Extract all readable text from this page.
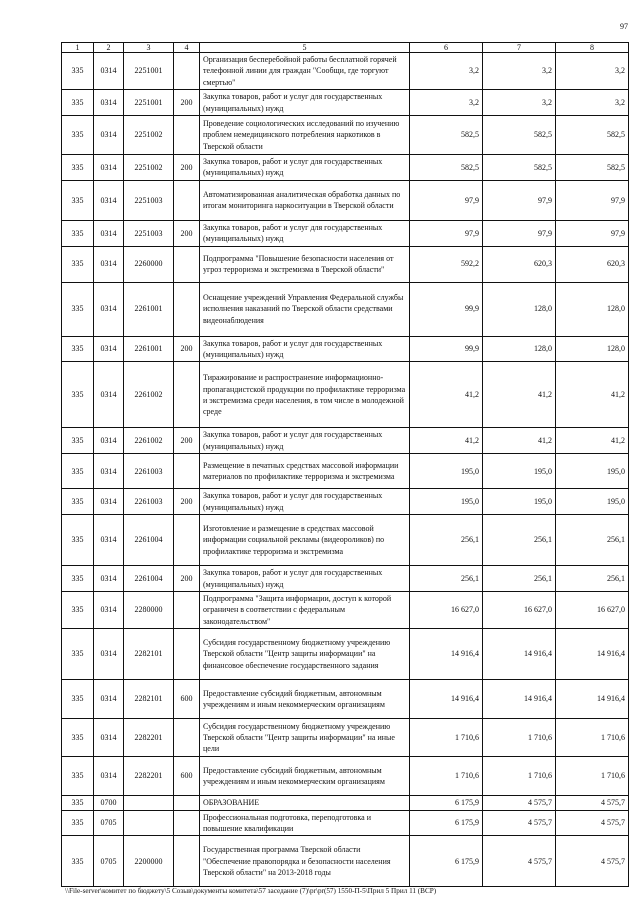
97
1	2	3	4	5	6	7	8
335	0314	2251001		Организация бесперебойной работы бесплатной горячей телефонной линии для граждан "Сообщи, где торгуют смертью"	3,2	3,2	3,2
335	0314	2251001	200	Закупка товаров, работ и услуг для государственных (муниципальных) нужд	3,2	3,2	3,2
335	0314	2251002		Проведение социологических исследований по изучению проблем немедицинского потребления наркотиков в Тверской области	582,5	582,5	582,5
335	0314	2251002	200	Закупка товаров, работ и услуг для государственных (муниципальных) нужд	582,5	582,5	582,5
335	0314	2251003		Автоматизированная аналитическая обработка данных по итогам мониторинга наркоситуации в Тверской области	97,9	97,9	97,9
335	0314	2251003	200	Закупка товаров, работ и услуг для государственных (муниципальных) нужд	97,9	97,9	97,9
335	0314	2260000		Подпрограмма "Повышение безопасности населения от угроз терроризма и экстремизма в Тверской области"	592,2	620,3	620,3
335	0314	2261001		Оснащение учреждений Управления Федеральной службы исполнения наказаний по Тверской области средствами видеонаблюдения	99,9	128,0	128,0
335	0314	2261001	200	Закупка товаров, работ и услуг для государственных (муниципальных) нужд	99,9	128,0	128,0
335	0314	2261002		Тиражирование и распространение информационно-пропагандистской продукции по профилактике терроризма и экстремизма среди населения, в том числе в молодежной среде	41,2	41,2	41,2
335	0314	2261002	200	Закупка товаров, работ и услуг для государственных (муниципальных) нужд	41,2	41,2	41,2
335	0314	2261003		Размещение в печатных средствах массовой информации материалов по профилактике терроризма и экстремизма	195,0	195,0	195,0
335	0314	2261003	200	Закупка товаров, работ и услуг для государственных (муниципальных) нужд	195,0	195,0	195,0
335	0314	2261004		Изготовление и размещение в средствах массовой информации социальной рекламы (видеороликов) по профилактике терроризма и экстремизма	256,1	256,1	256,1
335	0314	2261004	200	Закупка товаров, работ и услуг для государственных (муниципальных) нужд	256,1	256,1	256,1
335	0314	2280000		Подпрограмма "Защита информации, доступ к которой ограничен в соответствии с федеральным законодательством"	16 627,0	16 627,0	16 627,0
335	0314	2282101		Субсидия государственному бюджетному учреждению Тверской области "Центр защиты информации" на финансовое обеспечение государственного задания	14 916,4	14 916,4	14 916,4
335	0314	2282101	600	Предоставление субсидий бюджетным, автономным учреждениям и иным некоммерческим организациям	14 916,4	14 916,4	14 916,4
335	0314	2282201		Субсидия государственному бюджетному учреждению Тверской области "Центр защиты информации" на иные цели	1 710,6	1 710,6	1 710,6
335	0314	2282201	600	Предоставление субсидий бюджетным, автономным учреждениям и иным некоммерческим организациям	1 710,6	1 710,6	1 710,6
335	0700			ОБРАЗОВАНИЕ	6 175,9	4 575,7	4 575,7
335	0705			Профессиональная подготовка, переподготовка и повышение квалификации	6 175,9	4 575,7	4 575,7
335	0705	2200000		Государственная программа Тверской области "Обеспечение правопорядка и безопасности населения Тверской области" на 2013-2018 годы	6 175,9	4 575,7	4 575,7
\\File-server\комитет по бюджету\5 Созыв\документы комитета\57 заседание (7)\pr\pr(57) 1550-П-5\Прил 5 Прил 11 (ВСР)
